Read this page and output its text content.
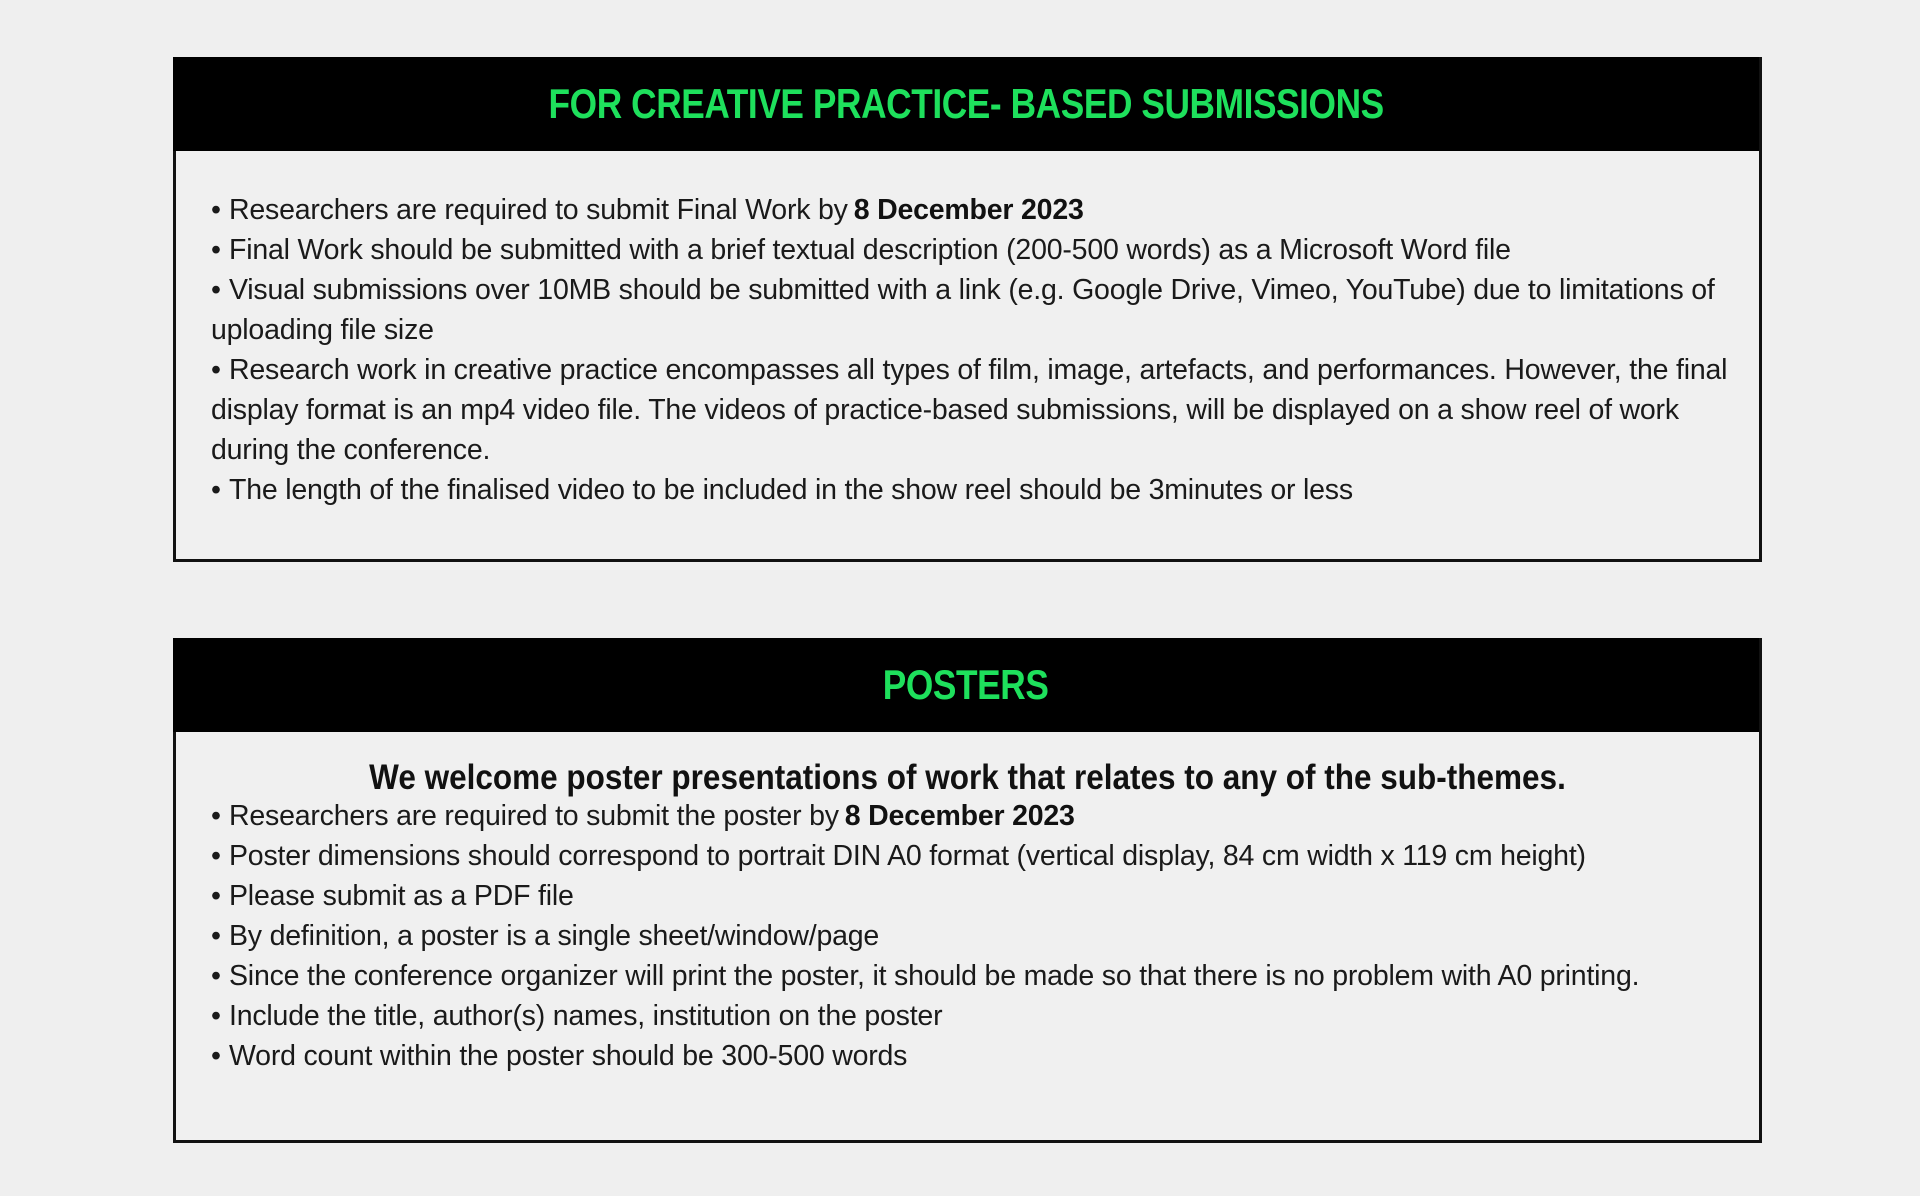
FOR CREATIVE PRACTICE- BASED SUBMISSIONS
• Researchers are required to submit Final Work by 8 December 2023
• Final Work should be submitted with a brief textual description (200-500 words) as a Microsoft Word file
• Visual submissions over 10MB should be submitted with a link (e.g. Google Drive, Vimeo, YouTube) due to limitations of uploading file size
• Research work in creative practice encompasses all types of film, image, artefacts, and performances. However, the final display format is an mp4 video file. The videos of practice-based submissions, will be displayed on a show reel of work during the conference.
• The length of the finalised video to be included in the show reel should be 3minutes or less
POSTERS
We welcome poster presentations of work that relates to any of the sub-themes.
• Researchers are required to submit the poster by 8 December 2023
• Poster dimensions should correspond to portrait DIN A0 format (vertical display, 84 cm width x 119 cm height)
• Please submit as a PDF file
• By definition, a poster is a single sheet/window/page
• Since the conference organizer will print the poster, it should be made so that there is no problem with A0 printing.
• Include the title, author(s) names, institution on the poster
• Word count within the poster should be 300-500 words
